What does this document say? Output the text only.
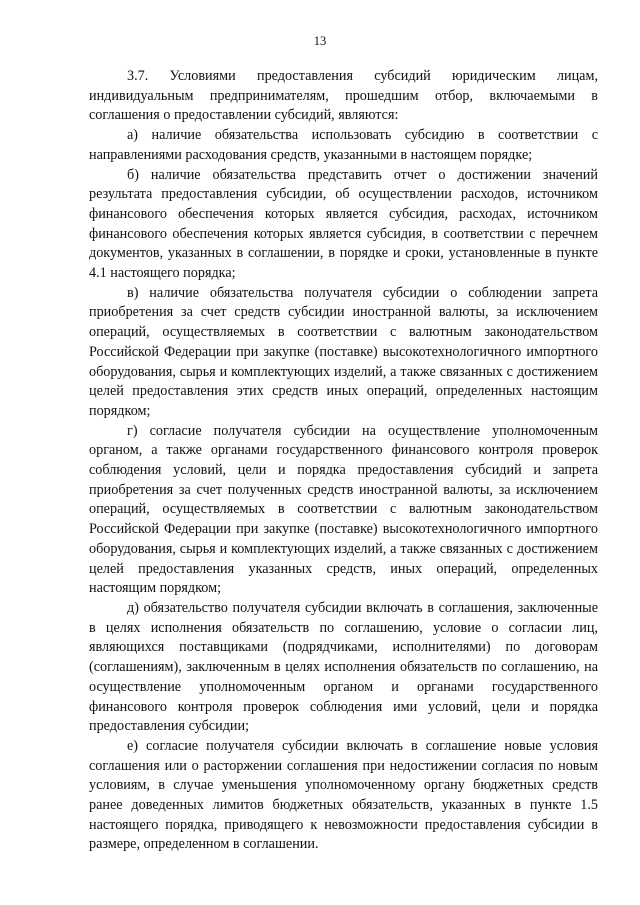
13

3.7. Условиями предоставления субсидий юридическим лицам, индивидуальным предпринимателям, прошедшим отбор, включаемыми в соглашения о предоставлении субсидий, являются:

а) наличие обязательства использовать субсидию в соответствии с направлениями расходования средств, указанными в настоящем порядке;

б) наличие обязательства представить отчет о достижении значений результата предоставления субсидии, об осуществлении расходов, источником финансового обеспечения которых является субсидия, расходах, источником финансового обеспечения которых является субсидия, в соответствии с перечнем документов, указанных в соглашении, в порядке и сроки, установленные в пункте 4.1 настоящего порядка;

в) наличие обязательства получателя субсидии о соблюдении запрета приобретения за счет средств субсидии иностранной валюты, за исключением операций, осуществляемых в соответствии с валютным законодательством Российской Федерации при закупке (поставке) высокотехнологичного импортного оборудования, сырья и комплектующих изделий, а также связанных с достижением целей предоставления этих средств иных операций, определенных настоящим порядком;

г) согласие получателя субсидии на осуществление уполномоченным органом, а также органами государственного финансового контроля проверок соблюдения условий, цели и порядка предоставления субсидий и запрета приобретения за счет полученных средств иностранной валюты, за исключением операций, осуществляемых в соответствии с валютным законодательством Российской Федерации при закупке (поставке) высокотехнологичного импортного оборудования, сырья и комплектующих изделий, а также связанных с достижением целей предоставления указанных средств, иных операций, определенных настоящим порядком;

д) обязательство получателя субсидии включать в соглашения, заключенные в целях исполнения обязательств по соглашению, условие о согласии лиц, являющихся поставщиками (подрядчиками, исполнителями) по договорам (соглашениям), заключенным в целях исполнения обязательств по соглашению, на осуществление уполномоченным органом и органами государственного финансового контроля проверок соблюдения ими условий, цели и порядка предоставления субсидии;

е) согласие получателя субсидии включать в соглашение новые условия соглашения или о расторжении соглашения при недостижении согласия по новым условиям, в случае уменьшения уполномоченному органу бюджетных средств ранее доведенных лимитов бюджетных обязательств, указанных в пункте 1.5 настоящего порядка, приводящего к невозможности предоставления субсидии в размере, определенном в соглашении.
